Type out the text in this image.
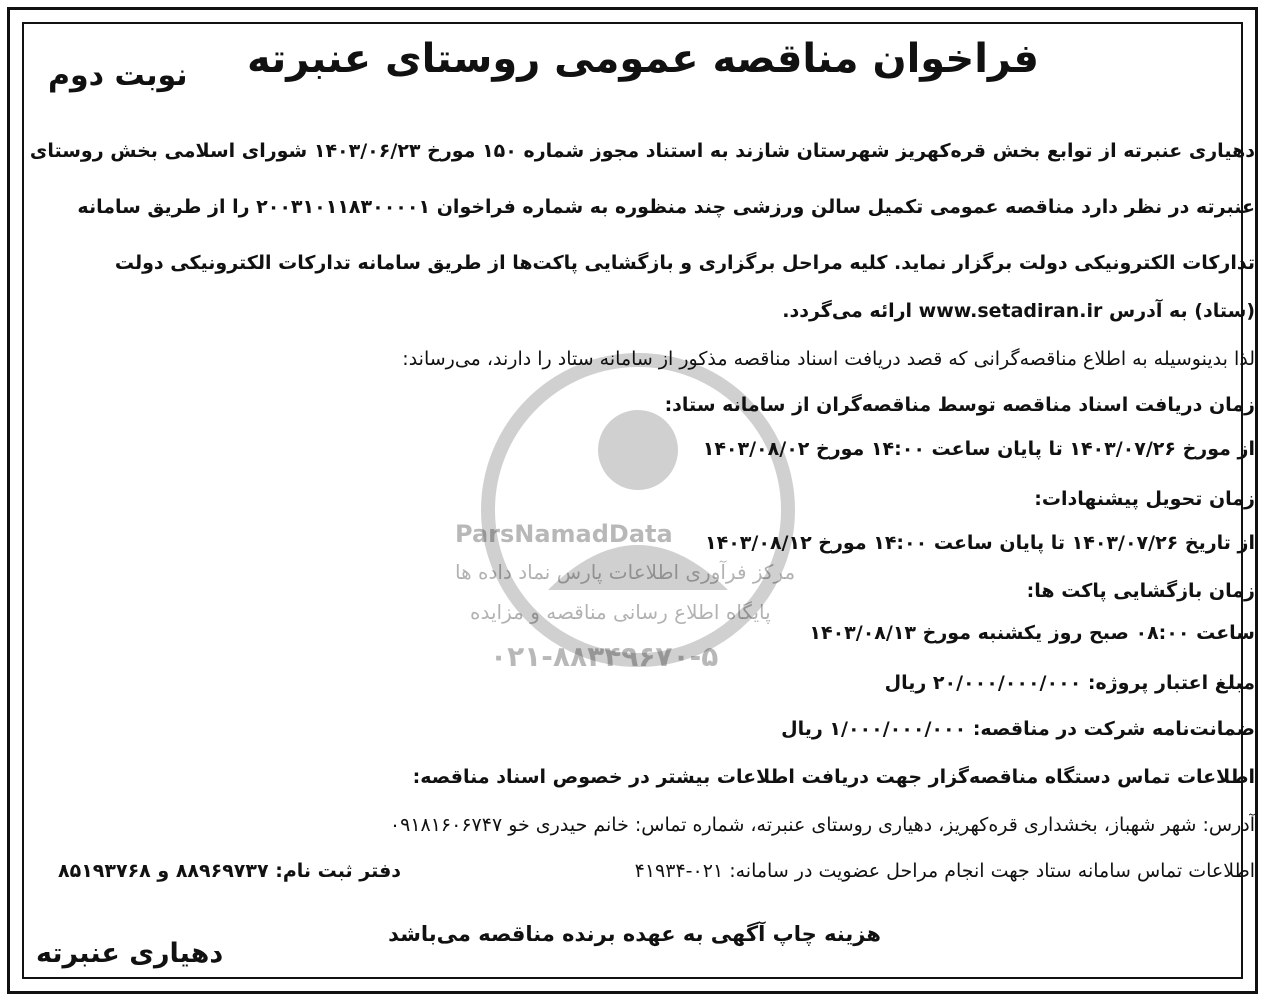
ParsNamadData
مرکز فرآوری اطلاعات پارس نماد داده ها
پایگاه اطلاع رسانی مناقصه و مزایده
۰۲۱-۸۸۳۴۹۶۷۰-۵
فراخوان مناقصه عمومی روستای عنبرته
نوبت دوم
دهیاری عنبرته از توابع بخش قره‌کهریز شهرستان شازند به استناد مجوز شماره ۱۵۰ مورخ ۱۴۰۳/۰۶/۲۳ شورای اسلامی بخش روستای
عنبرته در نظر دارد مناقصه عمومی تکمیل سالن ورزشی چند منظوره به شماره فراخوان ۲۰۰۳۱۰۱۱۸۳۰۰۰۰۱ را از طریق سامانه
تدارکات الکترونیکی دولت برگزار نماید. کلیه مراحل برگزاری و بازگشایی پاکت‌ها از طریق سامانه تدارکات الکترونیکی دولت
(ستاد) به آدرس www.setadiran.ir ارائه می‌گردد.
لذا بدینوسیله به اطلاع مناقصه‌گرانی که قصد دریافت اسناد مناقصه مذکور از سامانه ستاد را دارند، می‌رساند:
زمان دریافت اسناد مناقصه توسط مناقصه‌گران از سامانه ستاد:
از مورخ ۱۴۰۳/۰۷/۲۶ تا پایان ساعت ۱۴:۰۰ مورخ ۱۴۰۳/۰۸/۰۲
زمان تحویل پیشنهادات:
از تاریخ ۱۴۰۳/۰۷/۲۶ تا پایان ساعت ۱۴:۰۰ مورخ ۱۴۰۳/۰۸/۱۲
زمان بازگشایی پاکت ها:
ساعت ۰۸:۰۰ صبح روز یکشنبه مورخ ۱۴۰۳/۰۸/۱۳
مبلغ اعتبار پروژه: ۲۰/۰۰۰/۰۰۰/۰۰۰ ریال
ضمانت‌نامه شرکت در مناقصه: ۱/۰۰۰/۰۰۰/۰۰۰ ریال
اطلاعات تماس دستگاه مناقصه‌گزار جهت دریافت اطلاعات بیشتر در خصوص اسناد مناقصه:
آدرس: شهر شهباز، بخشداری قره‌کهریز، دهیاری روستای عنبرته، شماره تماس: خانم حیدری خو ۰۹۱۸۱۶۰۶۷۴۷
اطلاعات تماس سامانه ستاد جهت انجام مراحل عضویت در سامانه: ۰۲۱-۴۱۹۳۴
دفتر ثبت نام: ۸۸۹۶۹۷۳۷ و ۸۵۱۹۳۷۶۸
هزینه چاپ آگهی به عهده برنده مناقصه می‌باشد
دهیاری عنبرته
